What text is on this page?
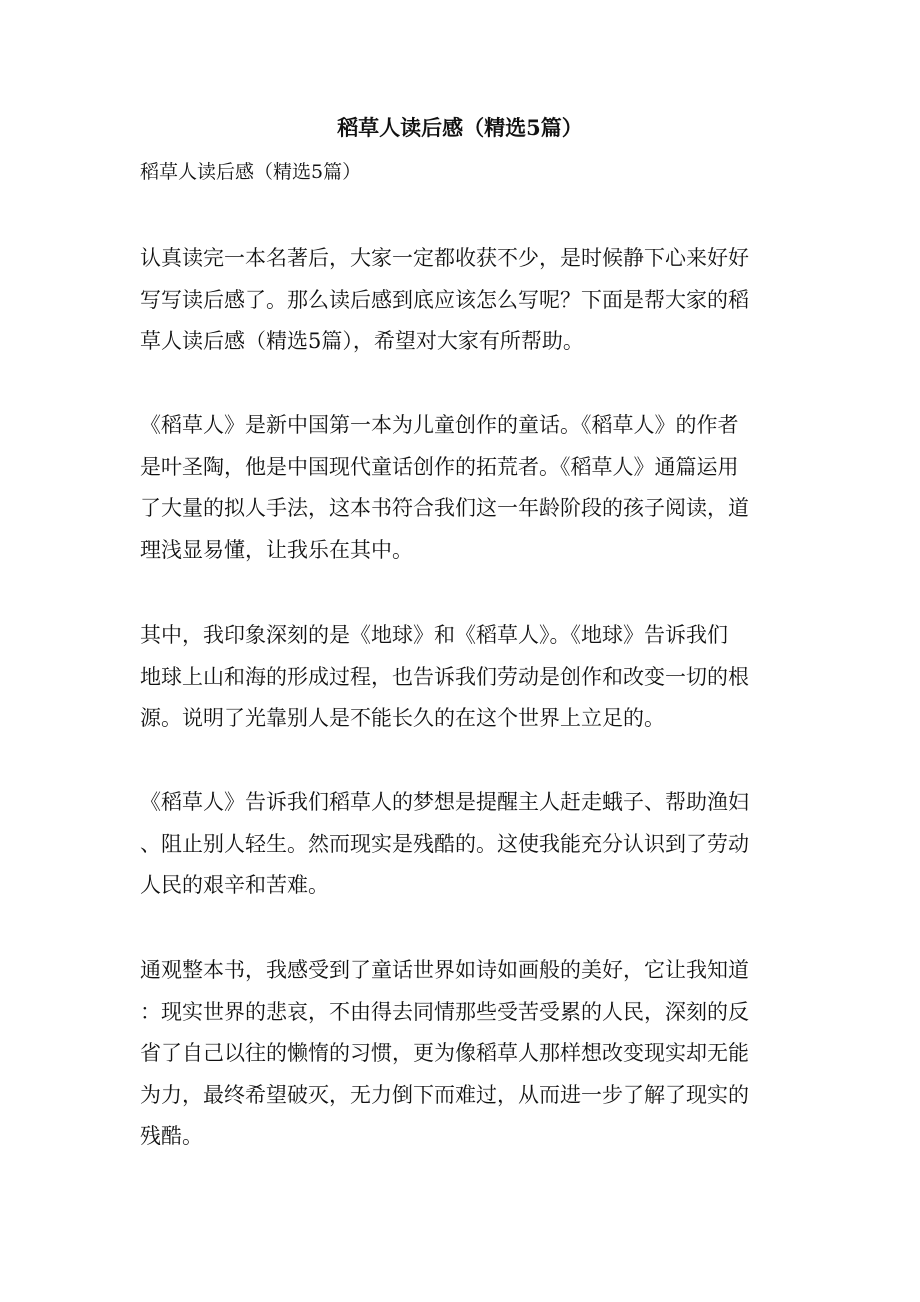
稻草人读后感（精选5篇）
稻草人读后感（精选5篇）
认真读完一本名著后，大家一定都收获不少，是时候静下心来好好
写写读后感了。那么读后感到底应该怎么写呢？下面是帮大家的稻
草人读后感（精选5篇），希望对大家有所帮助。
《稻草人》是新中国第一本为儿童创作的童话。《稻草人》的作者
是叶圣陶，他是中国现代童话创作的拓荒者。《稻草人》通篇运用
了大量的拟人手法，这本书符合我们这一年龄阶段的孩子阅读，道
理浅显易懂，让我乐在其中。
其中，我印象深刻的是《地球》和《稻草人》。《地球》告诉我们
地球上山和海的形成过程，也告诉我们劳动是创作和改变一切的根
源。说明了光靠别人是不能长久的在这个世界上立足的。
《稻草人》告诉我们稻草人的梦想是提醒主人赶走蛾子、帮助渔妇
、阻止别人轻生。然而现实是残酷的。这使我能充分认识到了劳动
人民的艰辛和苦难。
通观整本书，我感受到了童话世界如诗如画般的美好，它让我知道
：现实世界的悲哀，不由得去同情那些受苦受累的人民，深刻的反
省了自己以往的懒惰的习惯，更为像稻草人那样想改变现实却无能
为力，最终希望破灭，无力倒下而难过，从而进一步了解了现实的
残酷。
